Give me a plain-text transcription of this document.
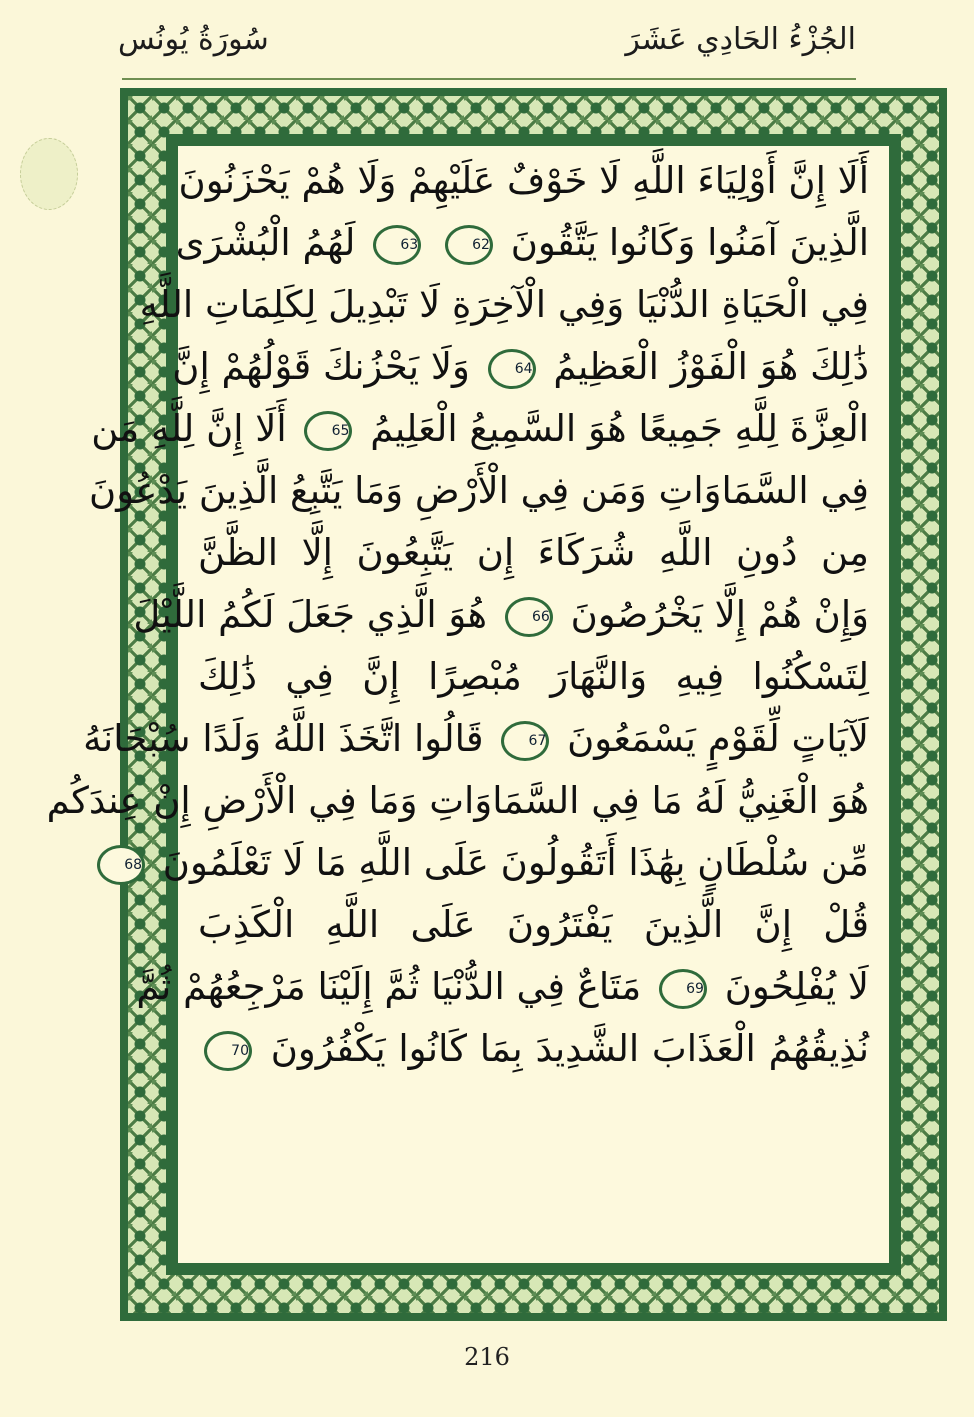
سُورَةُ يُونُس	الجُزْءُ الحَادِي عَشَرَ
أَلَا إِنَّ أَوْلِيَاءَ اللَّهِ لَا خَوْفٌ عَلَيْهِمْ وَلَا هُمْ يَحْزَنُونَ
الَّذِينَ آمَنُوا وَكَانُوا يَتَّقُونَ 62 63 لَهُمُ الْبُشْرَى
فِي الْحَيَاةِ الدُّنْيَا وَفِي الْآخِرَةِ لَا تَبْدِيلَ لِكَلِمَاتِ اللَّهِ
ذَٰلِكَ هُوَ الْفَوْزُ الْعَظِيمُ 64 وَلَا يَحْزُنكَ قَوْلُهُمْ إِنَّ
الْعِزَّةَ لِلَّهِ جَمِيعًا هُوَ السَّمِيعُ الْعَلِيمُ 65 أَلَا إِنَّ لِلَّهِ مَن
فِي السَّمَاوَاتِ وَمَن فِي الْأَرْضِ وَمَا يَتَّبِعُ الَّذِينَ يَدْعُونَ
مِن دُونِ اللَّهِ شُرَكَاءَ إِن يَتَّبِعُونَ إِلَّا الظَّنَّ
وَإِنْ هُمْ إِلَّا يَخْرُصُونَ 66 هُوَ الَّذِي جَعَلَ لَكُمُ اللَّيْلَ
لِتَسْكُنُوا فِيهِ وَالنَّهَارَ مُبْصِرًا إِنَّ فِي ذَٰلِكَ
لَآيَاتٍ لِّقَوْمٍ يَسْمَعُونَ 67 قَالُوا اتَّخَذَ اللَّهُ وَلَدًا سُبْحَانَهُ
هُوَ الْغَنِيُّ لَهُ مَا فِي السَّمَاوَاتِ وَمَا فِي الْأَرْضِ إِنْ عِندَكُم
مِّن سُلْطَانٍ بِهَٰذَا أَتَقُولُونَ عَلَى اللَّهِ مَا لَا تَعْلَمُونَ 68
قُلْ إِنَّ الَّذِينَ يَفْتَرُونَ عَلَى اللَّهِ الْكَذِبَ
لَا يُفْلِحُونَ 69 مَتَاعٌ فِي الدُّنْيَا ثُمَّ إِلَيْنَا مَرْجِعُهُمْ ثُمَّ
نُذِيقُهُمُ الْعَذَابَ الشَّدِيدَ بِمَا كَانُوا يَكْفُرُونَ 70
216
